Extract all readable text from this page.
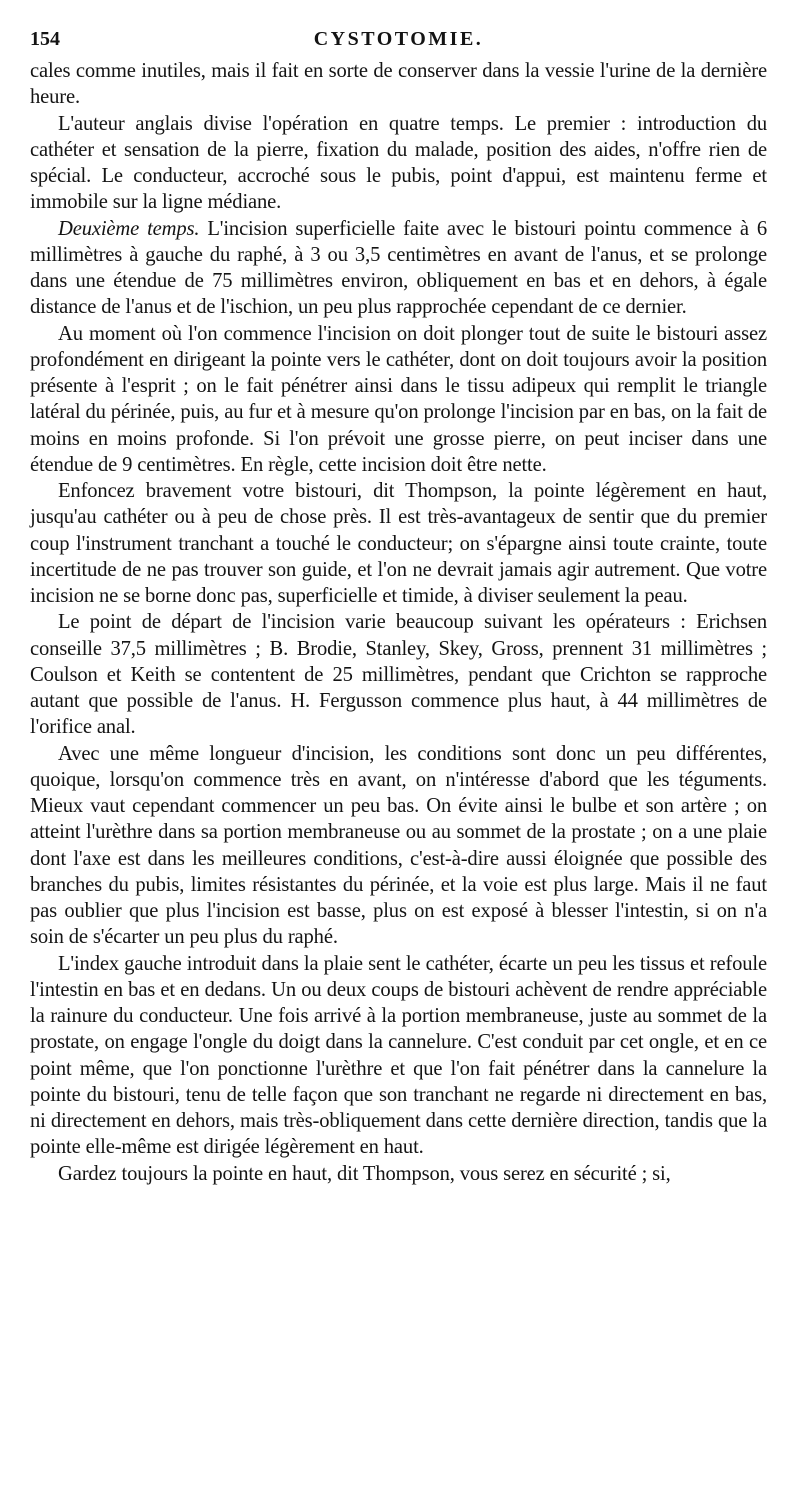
154	CYSTOTOMIE.

cales comme inutiles, mais il fait en sorte de conserver dans la vessie l'urine de la dernière heure.

L'auteur anglais divise l'opération en quatre temps. Le premier : introduction du cathéter et sensation de la pierre, fixation du malade, position des aides, n'offre rien de spécial. Le conducteur, accroché sous le pubis, point d'appui, est maintenu ferme et immobile sur la ligne médiane.

Deuxième temps. L'incision superficielle faite avec le bistouri pointu commence à 6 millimètres à gauche du raphé, à 3 ou 3,5 centimètres en avant de l'anus, et se prolonge dans une étendue de 75 millimètres environ, obliquement en bas et en dehors, à égale distance de l'anus et de l'ischion, un peu plus rapprochée cependant de ce dernier.

Au moment où l'on commence l'incision on doit plonger tout de suite le bistouri assez profondément en dirigeant la pointe vers le cathéter, dont on doit toujours avoir la position présente à l'esprit ; on le fait pénétrer ainsi dans le tissu adipeux qui remplit le triangle latéral du périnée, puis, au fur et à mesure qu'on prolonge l'incision par en bas, on la fait de moins en moins profonde. Si l'on prévoit une grosse pierre, on peut inciser dans une étendue de 9 centimètres. En règle, cette incision doit être nette.

Enfoncez bravement votre bistouri, dit Thompson, la pointe légèrement en haut, jusqu'au cathéter ou à peu de chose près. Il est très-avantageux de sentir que du premier coup l'instrument tranchant a touché le conducteur; on s'épargne ainsi toute crainte, toute incertitude de ne pas trouver son guide, et l'on ne devrait jamais agir autrement. Que votre incision ne se borne donc pas, superficielle et timide, à diviser seulement la peau.

Le point de départ de l'incision varie beaucoup suivant les opérateurs : Erichsen conseille 37,5 millimètres ; B. Brodie, Stanley, Skey, Gross, prennent 31 millimètres ; Coulson et Keith se contentent de 25 millimètres, pendant que Crichton se rapproche autant que possible de l'anus. H. Fergusson commence plus haut, à 44 millimètres de l'orifice anal.

Avec une même longueur d'incision, les conditions sont donc un peu différentes, quoique, lorsqu'on commence très en avant, on n'intéresse d'abord que les téguments. Mieux vaut cependant commencer un peu bas. On évite ainsi le bulbe et son artère ; on atteint l'urèthre dans sa portion membraneuse ou au sommet de la prostate ; on a une plaie dont l'axe est dans les meilleures conditions, c'est-à-dire aussi éloignée que possible des branches du pubis, limites résistantes du périnée, et la voie est plus large. Mais il ne faut pas oublier que plus l'incision est basse, plus on est exposé à blesser l'intestin, si on n'a soin de s'écarter un peu plus du raphé.

L'index gauche introduit dans la plaie sent le cathéter, écarte un peu les tissus et refoule l'intestin en bas et en dedans. Un ou deux coups de bistouri achèvent de rendre appréciable la rainure du conducteur. Une fois arrivé à la portion membraneuse, juste au sommet de la prostate, on engage l'ongle du doigt dans la cannelure. C'est conduit par cet ongle, et en ce point même, que l'on ponctionne l'urèthre et que l'on fait pénétrer dans la cannelure la pointe du bistouri, tenu de telle façon que son tranchant ne regarde ni directement en bas, ni directement en dehors, mais très-obliquement dans cette dernière direction, tandis que la pointe elle-même est dirigée légèrement en haut.

Gardez toujours la pointe en haut, dit Thompson, vous serez en sécurité ; si,
